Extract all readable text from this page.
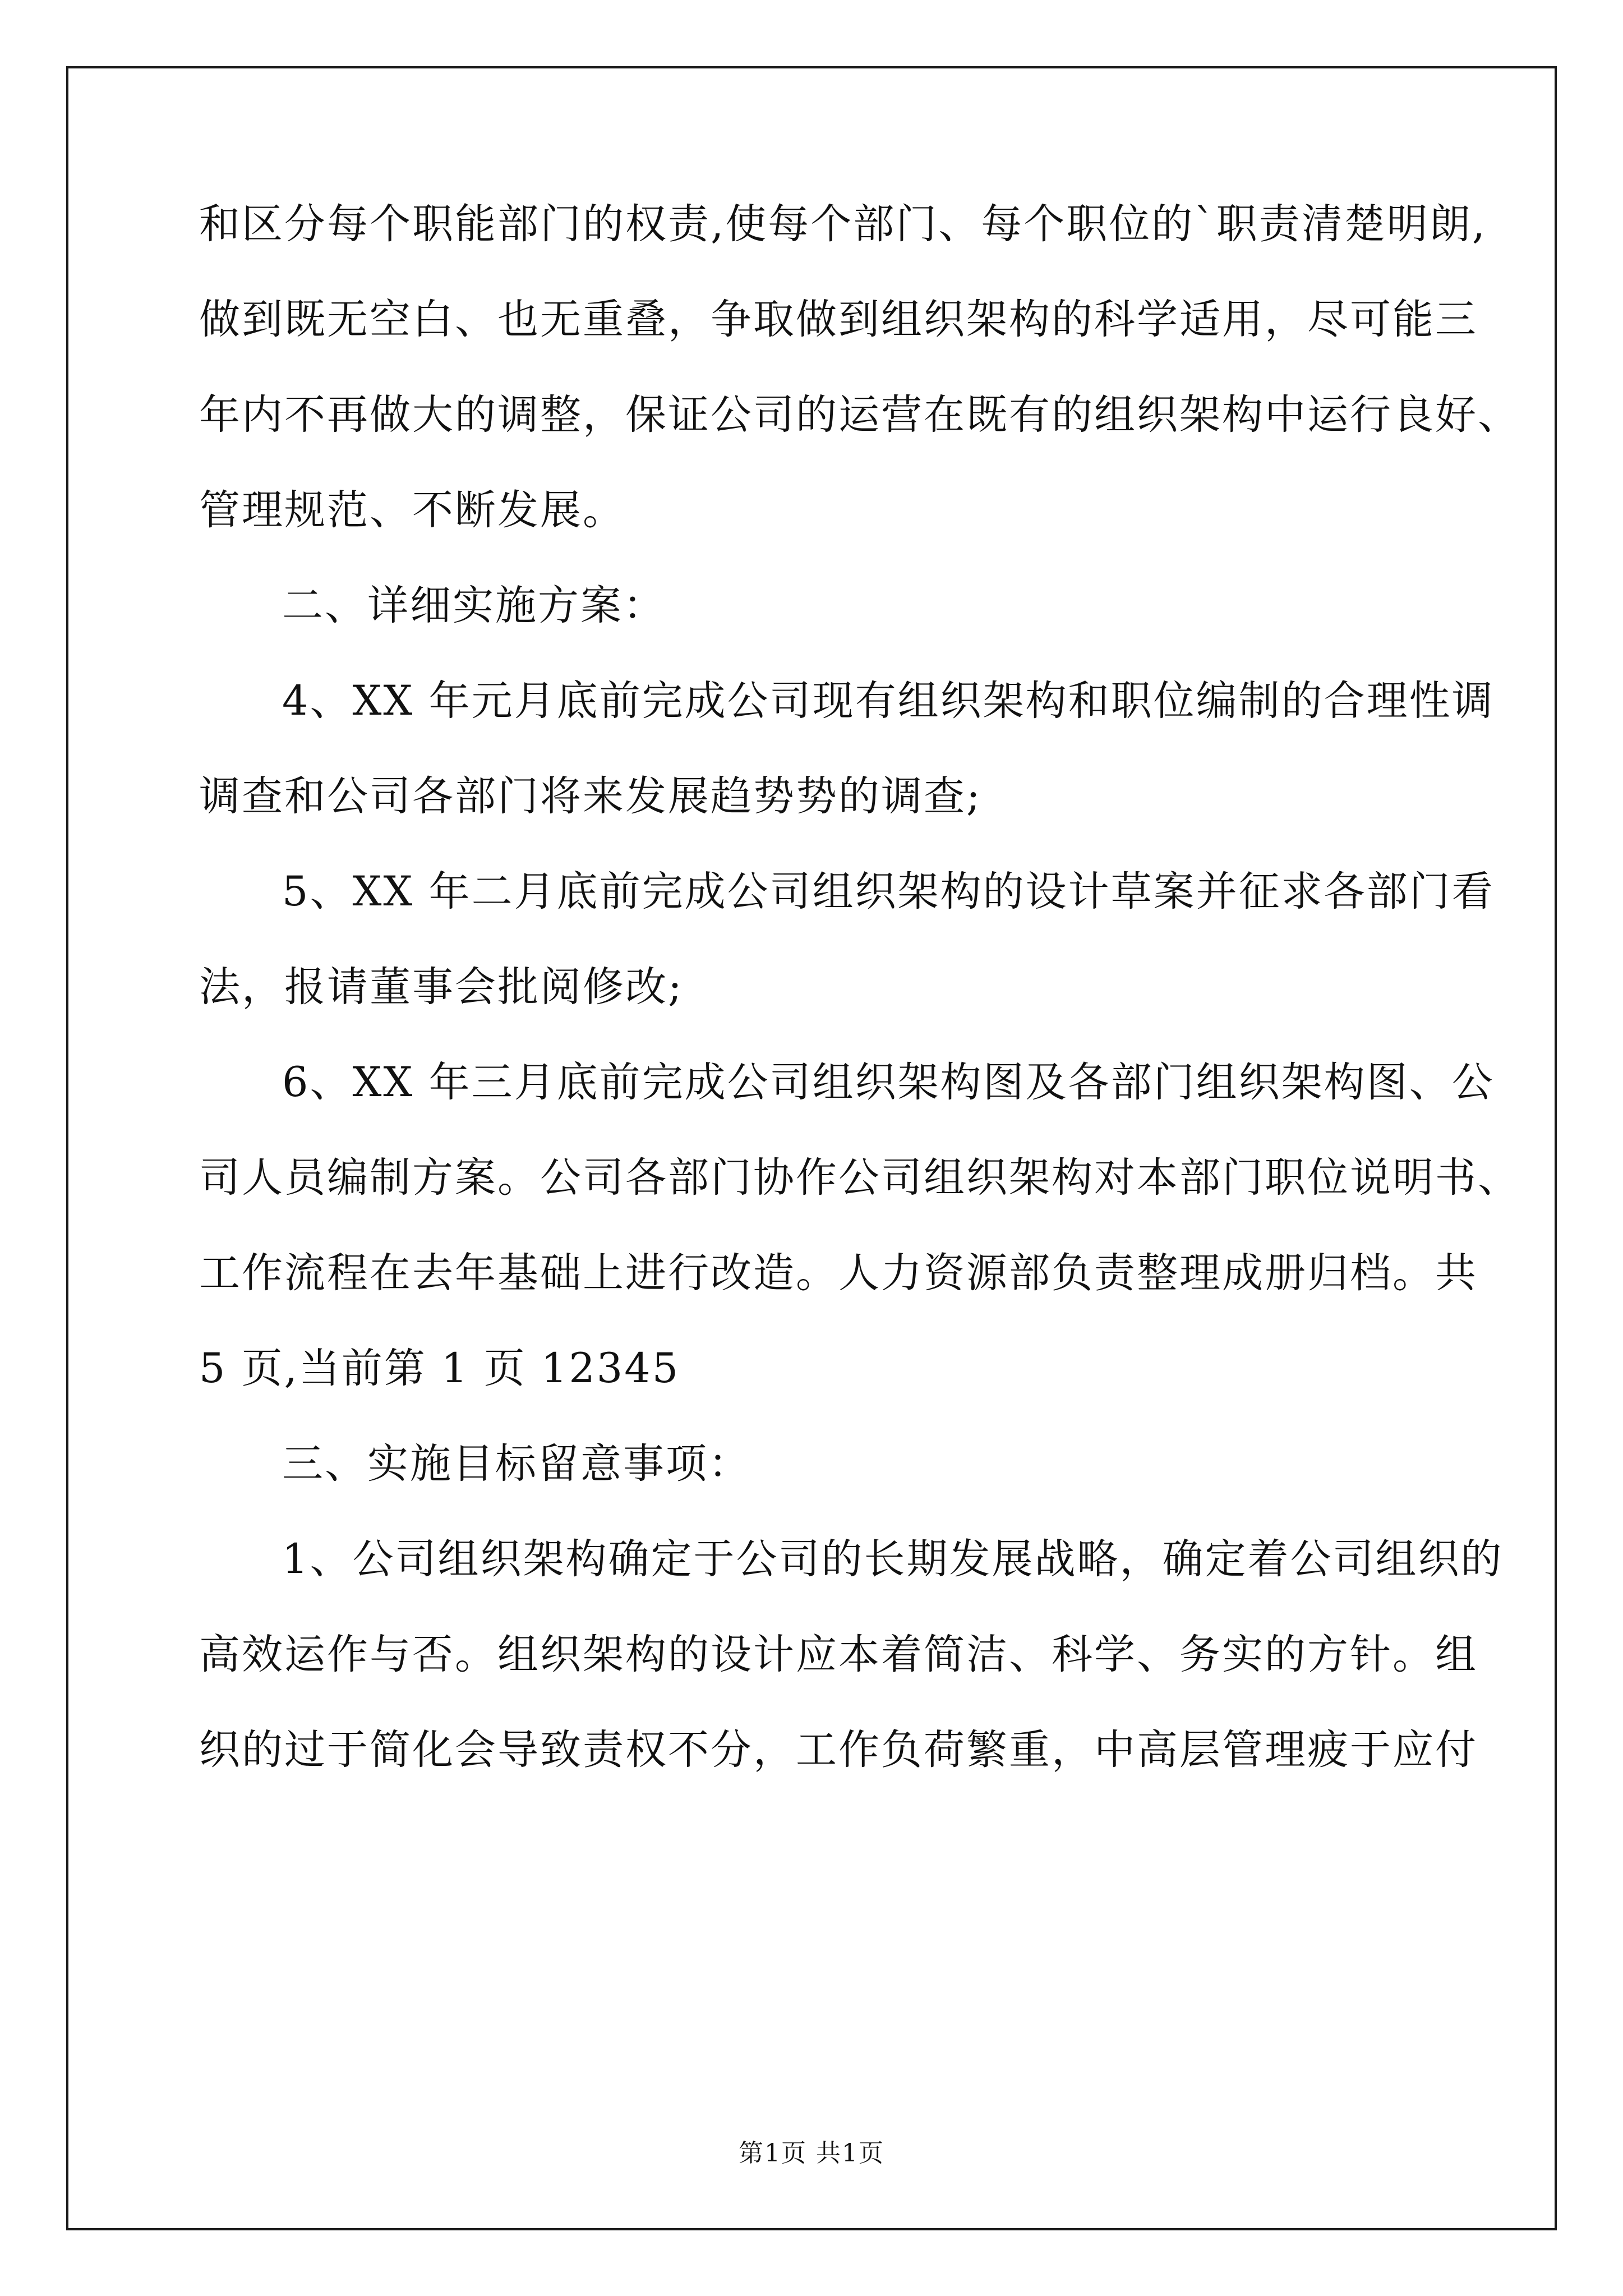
和区分每个职能部门的权责,使每个部门、每个职位的`职责清楚明朗,
做到既无空白、也无重叠，争取做到组织架构的科学适用，尽可能三
年内不再做大的调整，保证公司的运营在既有的组织架构中运行良好、
管理规范、不断发展。
二、详细实施方案：
4、XX 年元月底前完成公司现有组织架构和职位编制的合理性调
调查和公司各部门将来发展趋势势的调查;
5、XX 年二月底前完成公司组织架构的设计草案并征求各部门看
法，报请董事会批阅修改;
6、XX 年三月底前完成公司组织架构图及各部门组织架构图、公
司人员编制方案。公司各部门协作公司组织架构对本部门职位说明书、
工作流程在去年基础上进行改造。人力资源部负责整理成册归档。共
5 页,当前第 1 页 12345
三、实施目标留意事项：
1、公司组织架构确定于公司的长期发展战略，确定着公司组织的
高效运作与否。组织架构的设计应本着简洁、科学、务实的方针。组
织的过于简化会导致责权不分，工作负荷繁重，中高层管理疲于应付
第1页 共1页
